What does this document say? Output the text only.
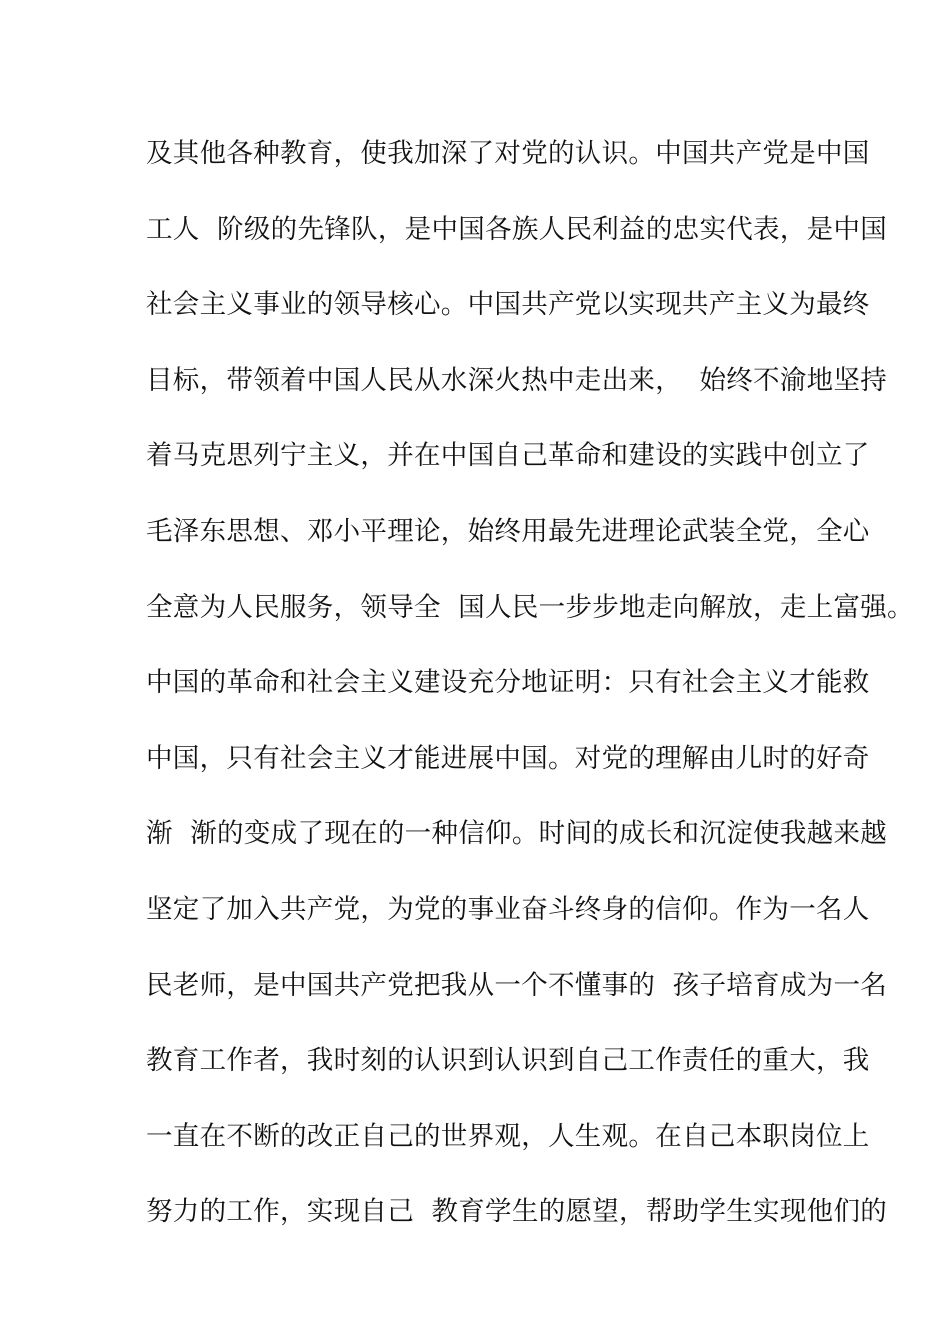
及其他各种教育，使我加深了对党的认识。中国共产党是中国
工人  阶级的先锋队，是中国各族人民利益的忠实代表，是中国
社会主义事业的领导核心。中国共产党以实现共产主义为最终
目标，带领着中国人民从水深火热中走出来，  始终不渝地坚持
着马克思列宁主义，并在中国自己革命和建设的实践中创立了
毛泽东思想、邓小平理论，始终用最先进理论武装全党，全心
全意为人民服务，领导全  国人民一步步地走向解放，走上富强。
中国的革命和社会主义建设充分地证明：只有社会主义才能救
中国，只有社会主义才能进展中国。对党的理解由儿时的好奇
渐  渐的变成了现在的一种信仰。时间的成长和沉淀使我越来越
坚定了加入共产党，为党的事业奋斗终身的信仰。作为一名人
民老师，是中国共产党把我从一个不懂事的  孩子培育成为一名
教育工作者，我时刻的认识到认识到自己工作责任的重大，我
一直在不断的改正自己的世界观，人生观。在自己本职岗位上
努力的工作，实现自己  教育学生的愿望，帮助学生实现他们的
